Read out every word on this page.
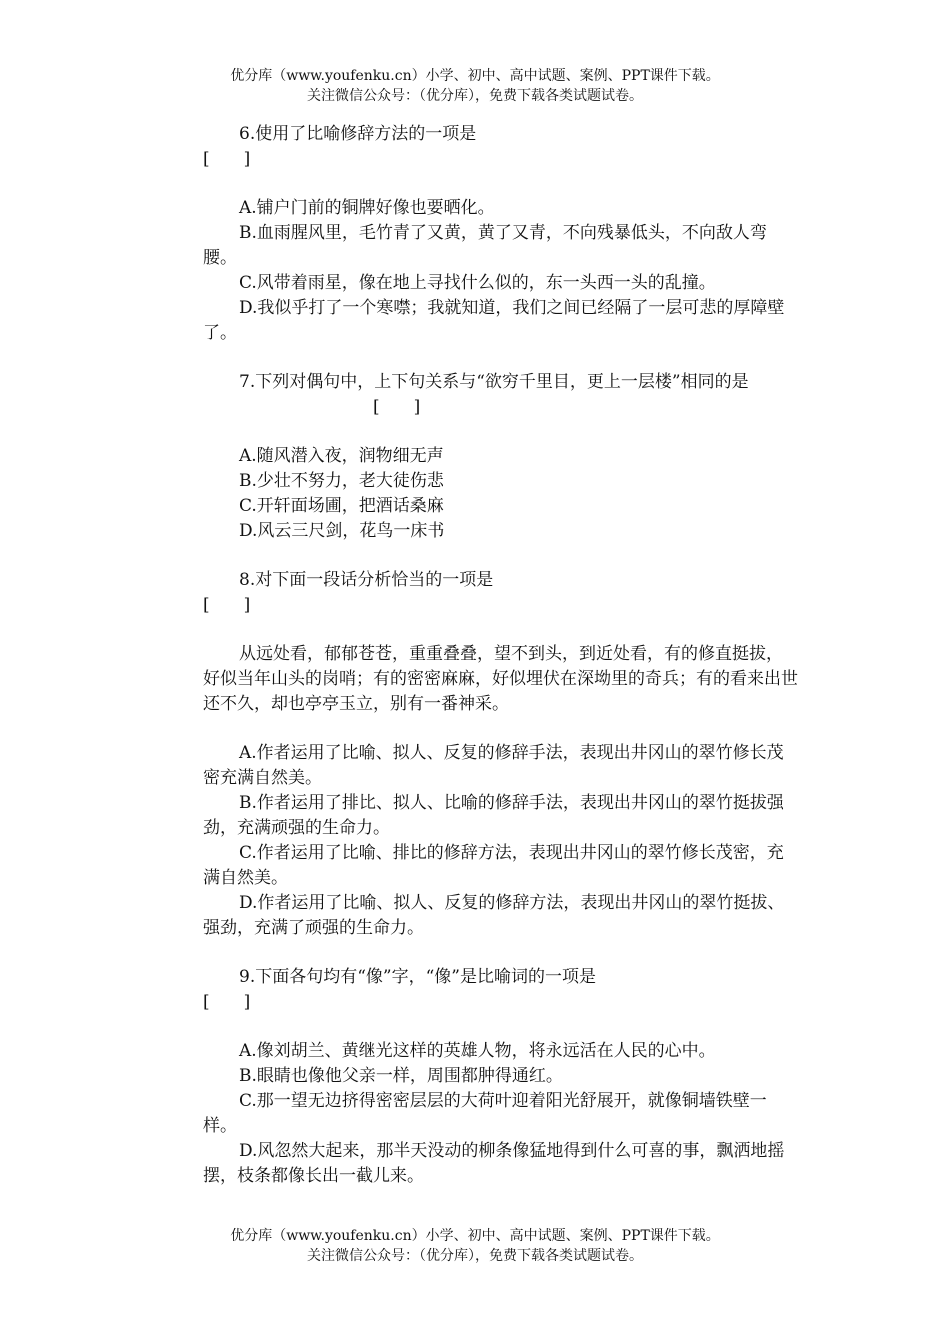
优分库（www.youfenku.cn）小学、初中、高中试题、案例、PPT课件下载。
关注微信公众号：（优分库），免费下载各类试题试卷。

6.使用了比喻修辞方法的一项是

[　　]

A.铺户门前的铜牌好像也要晒化。

B.血雨腥风里，毛竹青了又黄，黄了又青，不向残暴低头，不向敌人弯腰。

C.风带着雨星，像在地上寻找什么似的，东一头西一头的乱撞。

D.我似乎打了一个寒噤；我就知道，我们之间已经隔了一层可悲的厚障壁了。

7.下列对偶句中，上下句关系与“欲穷千里目，更上一层楼”相同的是[　　]

A.随风潜入夜，润物细无声

B.少壮不努力，老大徒伤悲

C.开轩面场圃，把酒话桑麻

D.风云三尺剑，花鸟一床书

8.对下面一段话分析恰当的一项是

[　　]

从远处看，郁郁苍苍，重重叠叠，望不到头，到近处看，有的修直挺拔，好似当年山头的岗哨；有的密密麻麻，好似埋伏在深坳里的奇兵；有的看来出世还不久，却也亭亭玉立，别有一番神采。

A.作者运用了比喻、拟人、反复的修辞手法，表现出井冈山的翠竹修长茂密充满自然美。

B.作者运用了排比、拟人、比喻的修辞手法，表现出井冈山的翠竹挺拔强劲，充满顽强的生命力。

C.作者运用了比喻、排比的修辞方法，表现出井冈山的翠竹修长茂密，充满自然美。

D.作者运用了比喻、拟人、反复的修辞方法，表现出井冈山的翠竹挺拔、强劲，充满了顽强的生命力。

9.下面各句均有“像”字，“像”是比喻词的一项是

[　　]

A.像刘胡兰、黄继光这样的英雄人物，将永远活在人民的心中。

B.眼睛也像他父亲一样，周围都肿得通红。

C.那一望无边挤得密密层层的大荷叶迎着阳光舒展开，就像铜墙铁壁一样。

D.风忽然大起来，那半天没动的柳条像猛地得到什么可喜的事，飘洒地摇摆，枝条都像长出一截儿来。

优分库（www.youfenku.cn）小学、初中、高中试题、案例、PPT课件下载。
关注微信公众号：（优分库），免费下载各类试题试卷。
